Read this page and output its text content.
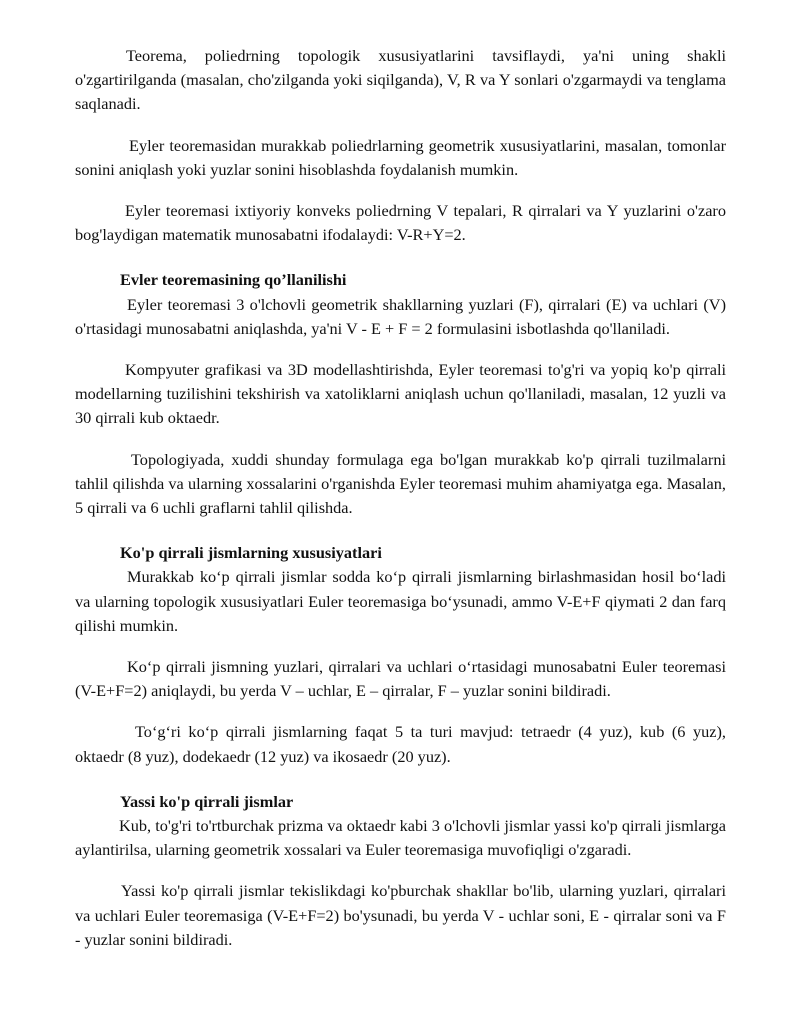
Teorema, poliedrning topologik xususiyatlarini tavsiflaydi, ya'ni uning shakli o'zgartirilganda (masalan, cho'zilganda yoki siqilganda), V, R va Y sonlari o'zgarmaydi va tenglama saqlanadi.

Eyler teoremasidan murakkab poliedrlarning geometrik xususiyatlarini, masalan, tomonlar sonini aniqlash yoki yuzlar sonini hisoblashda foydalanish mumkin.

Eyler teoremasi ixtiyoriy konveks poliedrning V tepalari, R qirralari va Y yuzlarini o'zaro bog'laydigan matematik munosabatni ifodalaydi: V-R+Y=2.

Evler teoremasining qo’llanilishi

Eyler teoremasi 3 o'lchovli geometrik shakllarning yuzlari (F), qirralari (E) va uchlari (V) o'rtasidagi munosabatni aniqlashda, ya'ni V - E + F = 2 formulasini isbotlashda qo'llaniladi.

Kompyuter grafikasi va 3D modellashtirishda, Eyler teoremasi to'g'ri va yopiq ko'p qirrali modellarning tuzilishini tekshirish va xatoliklarni aniqlash uchun qo'llaniladi, masalan, 12 yuzli va 30 qirrali kub oktaedr.

Topologiyada, xuddi shunday formulaga ega bo'lgan murakkab ko'p qirrali tuzilmalarni tahlil qilishda va ularning xossalarini o'rganishda Eyler teoremasi muhim ahamiyatga ega. Masalan, 5 qirrali va 6 uchli graflarni tahlil qilishda.

Ko'p qirrali jismlarning xususiyatlari

Murakkab ko‘p qirrali jismlar sodda ko‘p qirrali jismlarning birlashmasidan hosil bo‘ladi va ularning topologik xususiyatlari Euler teoremasiga bo‘ysunadi, ammo V-E+F qiymati 2 dan farq qilishi mumkin.

Ko‘p qirrali jismning yuzlari, qirralari va uchlari o‘rtasidagi munosabatni Euler teoremasi (V-E+F=2) aniqlaydi, bu yerda V – uchlar, E – qirralar, F – yuzlar sonini bildiradi.

To‘g‘ri ko‘p qirrali jismlarning faqat 5 ta turi mavjud: tetraedr (4 yuz), kub (6 yuz), oktaedr (8 yuz), dodekaedr (12 yuz) va ikosaedr (20 yuz).

Yassi ko'p qirrali jismlar

Kub, to'g'ri to'rtburchak prizma va oktaedr kabi 3 o'lchovli jismlar yassi ko'p qirrali jismlarga aylantirilsa, ularning geometrik xossalari va Euler teoremasiga muvofiqligi o'zgaradi.

Yassi ko'p qirrali jismlar tekislikdagi ko'pburchak shakllar bo'lib, ularning yuzlari, qirralari va uchlari Euler teoremasiga (V-E+F=2) bo'ysunadi, bu yerda V - uchlar soni, E - qirralar soni va F - yuzlar sonini bildiradi.
